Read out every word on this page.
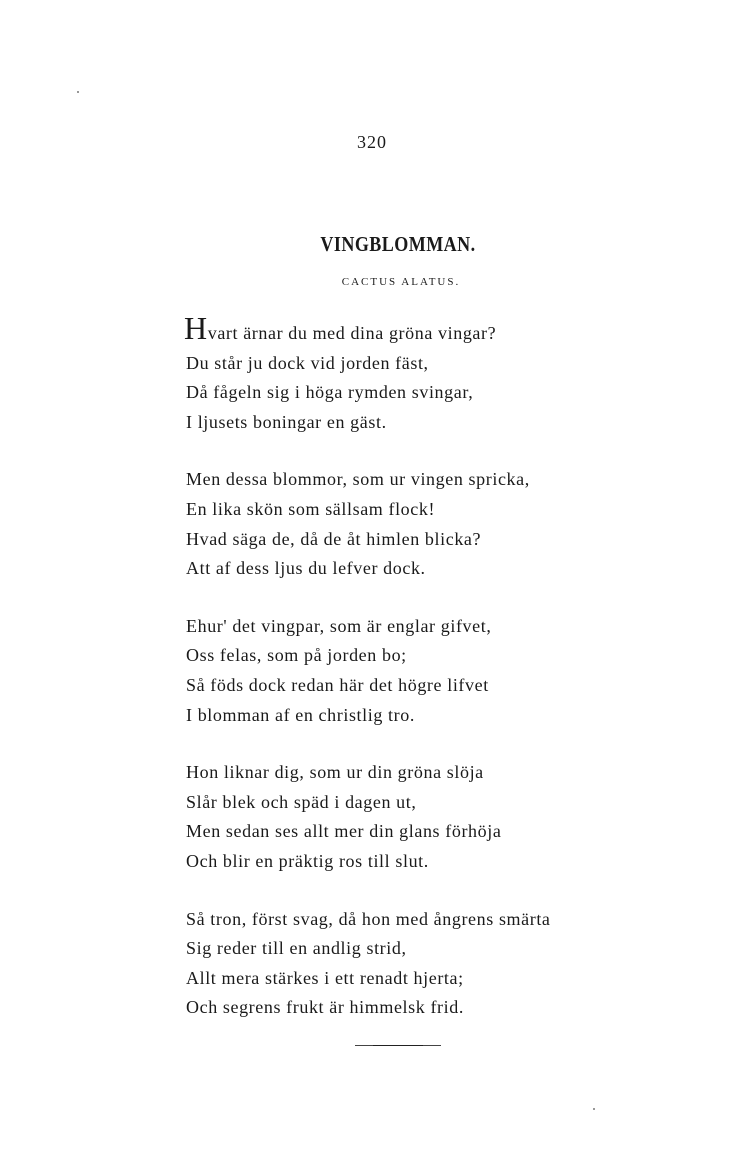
320
VINGBLOMMAN.
CACTUS ALATUS.
Hvart ärnar du med dina gröna vingar?
Du står ju dock vid jorden fäst,
Då fågeln sig i höga rymden svingar,
I ljusets boningar en gäst.
Men dessa blommor, som ur vingen spricka,
En lika skön som sällsam flock!
Hvad säga de, då de åt himlen blicka?
Att af dess ljus du lefver dock.
Ehur' det vingpar, som är englar gifvet,
Oss felas, som på jorden bo;
Så föds dock redan här det högre lifvet
I blomman af en christlig tro.
Hon liknar dig, som ur din gröna slöja
Slår blek och späd i dagen ut,
Men sedan ses allt mer din glans förhöja
Och blir en präktig ros till slut.
Så tron, först svag, då hon med ångrens smärta
Sig reder till en andlig strid,
Allt mera stärkes i ett renadt hjerta;
Och segrens frukt är himmelsk frid.
